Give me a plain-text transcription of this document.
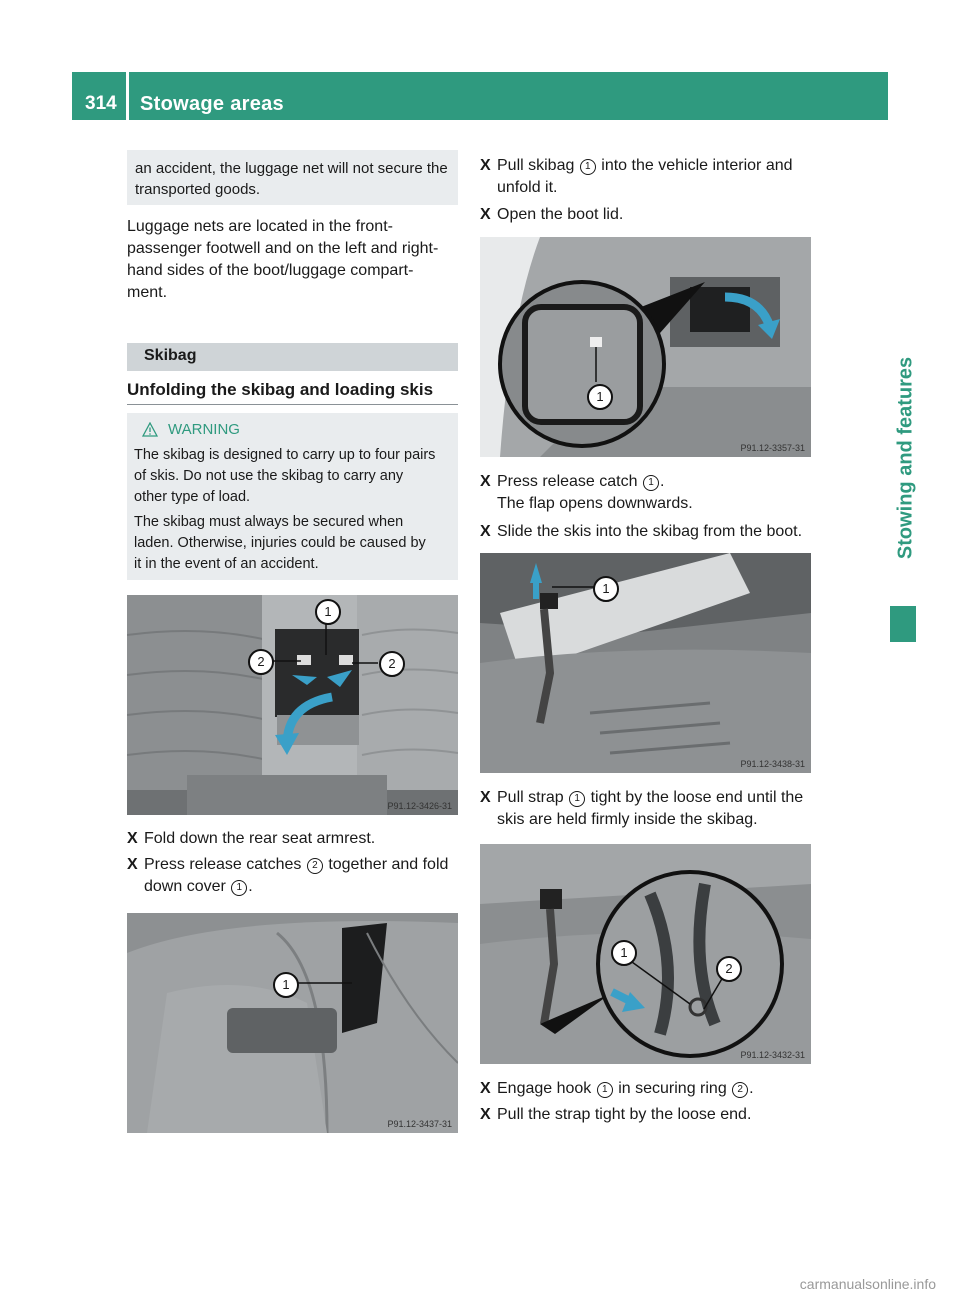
314	Stowage areas
Stowing and features
an accident, the luggage net will not secure the transported goods.
Luggage nets are located in the front-
passenger footwell and on the left and right-
hand sides of the boot/luggage compart-
ment.
Skibag
Unfolding the skibag and loading skis
WARNING
The skibag is designed to carry up to four pairs
of skis. Do not use the skibag to carry any
other type of load.
The skibag must always be secured when
laden. Otherwise, injuries could be caused by
it in the event of an accident.
1
2	2
P91.12-3426-31
X Fold down the rear seat armrest.
X Press release catches 2 together and fold
down cover 1 .
1
P91.12-3437-31
X Pull skibag 1 into the vehicle interior and
unfold it.
X Open the boot lid.
1
P91.12-3357-31
X Press release catch 1 .
The flap opens downwards.
X Slide the skis into the skibag from the boot.
1
P91.12-3438-31
X Pull strap 1 tight by the loose end until the
skis are held firmly inside the skibag.
1
2
P91.12-3432-31
X Engage hook 1 in securing ring 2 .
X Pull the strap tight by the loose end.
carmanualsonline.info
